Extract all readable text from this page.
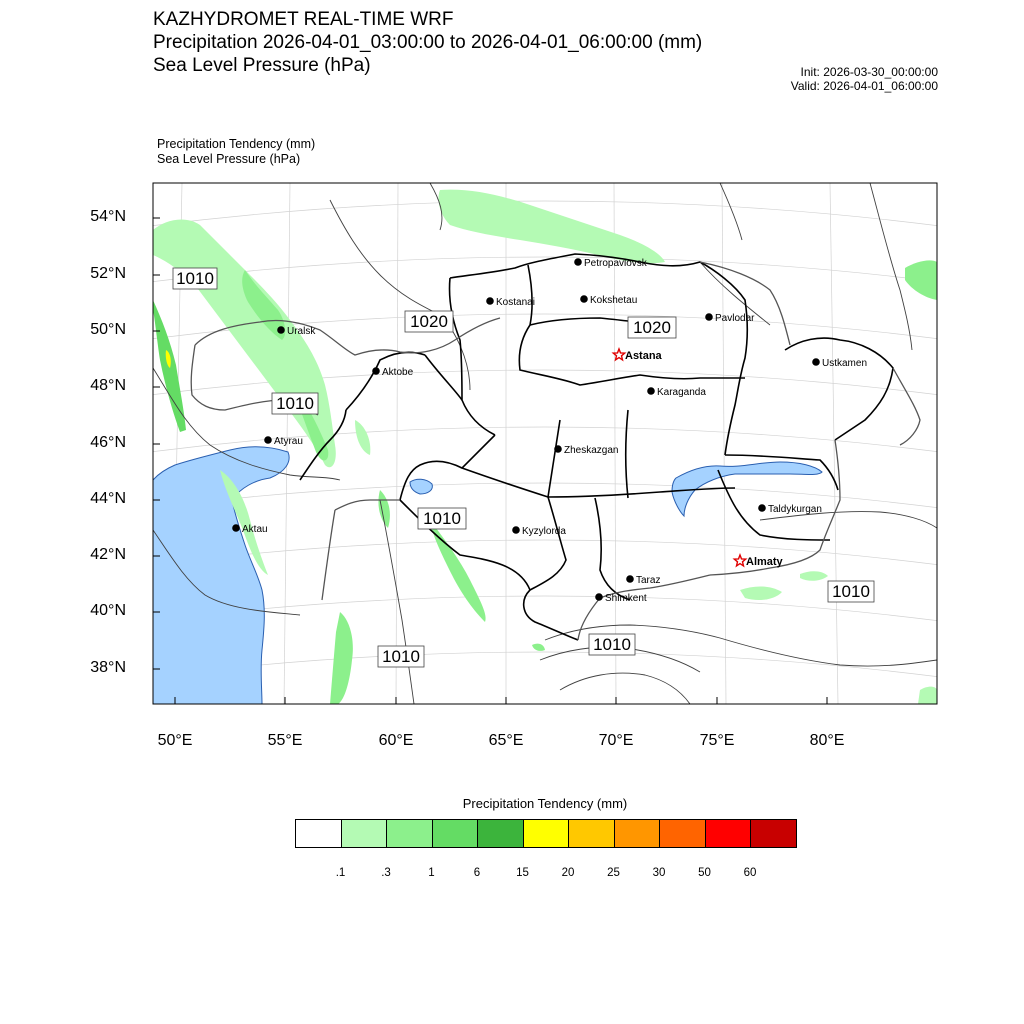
KAZHYDROMET REAL-TIME WRF
Precipitation 2026-04-01_03:00:00 to 2026-04-01_06:00:00 (mm)
Sea Level Pressure (hPa)	Init: 2026-03-30_00:00:00
Valid: 2026-04-01_06:00:00
Precipitation Tendency (mm)
Sea Level Pressure (hPa)
1010
1020	1020
1010
1010
1010
1010
1010
Petropavlovsk
Kostanai	Kokshetau
Pavlodar
Uralsk
Aktobe
Astana
Ustkamen
Karaganda
Atyrau
Zheskazgan
Aktau	Kyzylorda
Taldykurgan
Almaty
Taraz
Shimkent
54°N
52°N
50°N
48°N
46°N
44°N
42°N
40°N
38°N
50°E	55°E	60°E	65°E	70°E	75°E	80°E
Precipitation Tendency (mm)
.1	.3	1	6	15	20	25	30	50	60
